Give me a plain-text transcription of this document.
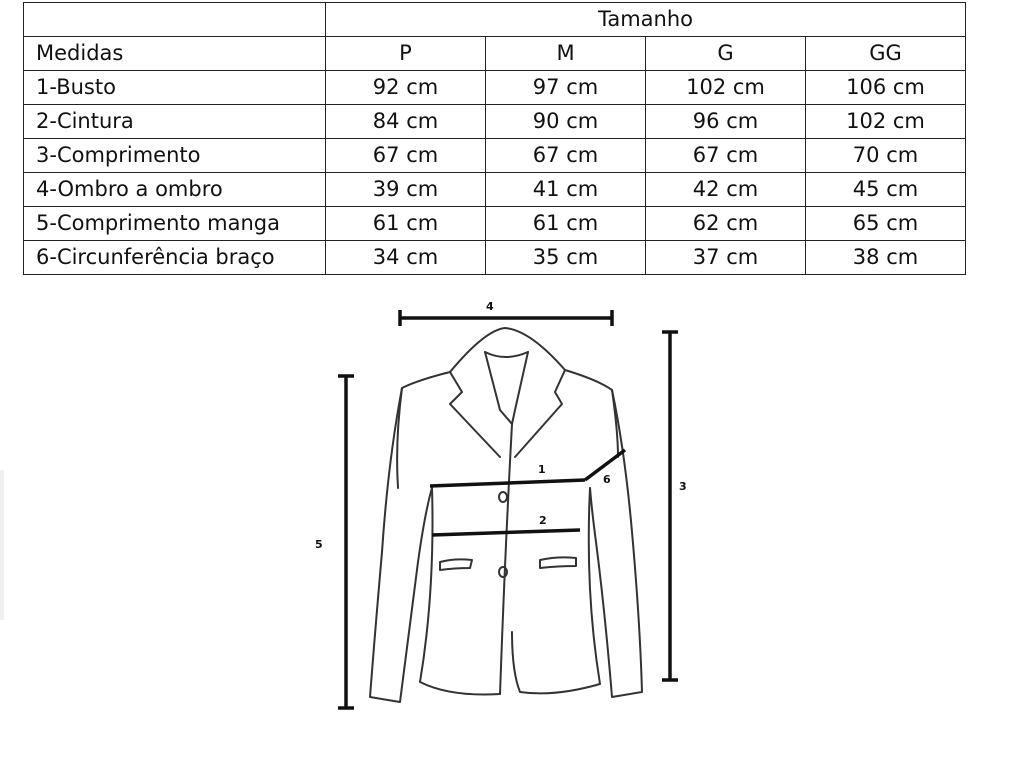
	Tamanho			
Medidas	P	M	G	GG
1-Busto	92 cm	97 cm	102 cm	106 cm
2-Cintura	84 cm	90 cm	96 cm	102 cm
3-Comprimento	67 cm	67 cm	67 cm	70 cm
4-Ombro a ombro	39 cm	41 cm	42 cm	45 cm
5-Comprimento manga	61 cm	61 cm	62 cm	65 cm
6-Circunferência braço	34 cm	35 cm	37 cm	38 cm
4
1
6
2
3
5
